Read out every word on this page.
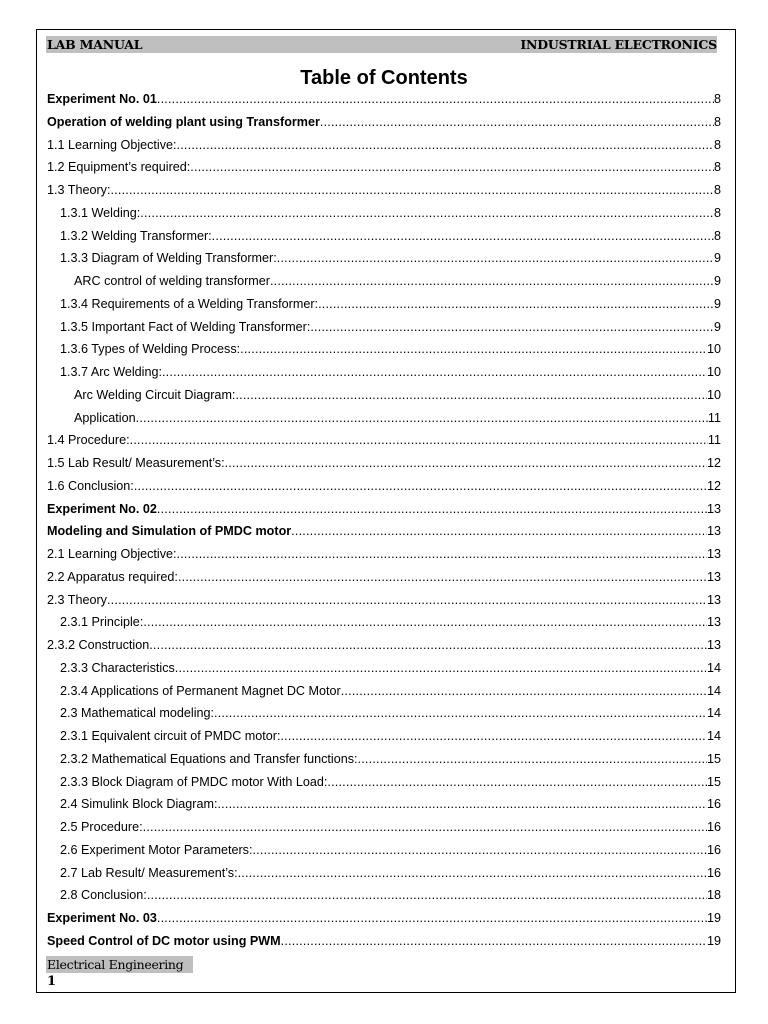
LAB MANUAL	INDUSTRIAL ELECTRONICS
Table of Contents
Experiment No. 01 .....	8
Operation of welding plant using Transformer .....	8
1.1 Learning Objective: .....	8
1.2 Equipment’s required: .....	8
1.3 Theory: .....	8
1.3.1 Welding: .....	8
1.3.2 Welding Transformer: .....	8
1.3.3 Diagram of Welding Transformer: .....	9
ARC control of welding transformer .....	9
1.3.4 Requirements of a Welding Transformer: .....	9
1.3.5 Important Fact of Welding Transformer: .....	9
1.3.6 Types of Welding Process: .....	10
1.3.7 Arc Welding: .....	10
Arc Welding Circuit Diagram: .....	10
Application .....	11
1.4 Procedure: .....	11
1.5 Lab Result/ Measurement’s: .....	12
1.6 Conclusion: .....	12
Experiment No. 02 .....	13
Modeling and Simulation of PMDC motor .....	13
2.1 Learning Objective: .....	13
2.2 Apparatus required: .....	13
2.3 Theory .....	13
2.3.1 Principle: .....	13
2.3.2 Construction .....	13
2.3.3 Characteristics .....	14
2.3.4 Applications of Permanent Magnet DC Motor .....	14
2.3 Mathematical modeling: .....	14
2.3.1 Equivalent circuit of PMDC motor: .....	14
2.3.2 Mathematical Equations and Transfer functions: .....	15
2.3.3 Block Diagram of PMDC motor With Load: .....	15
2.4 Simulink Block Diagram: .....	16
2.5 Procedure: .....	16
2.6 Experiment Motor Parameters: .....	16
2.7 Lab Result/ Measurement’s: .....	16
2.8 Conclusion: .....	18
Experiment No. 03 .....	19
Speed Control of DC motor using PWM .....	19
Electrical Engineering
1
